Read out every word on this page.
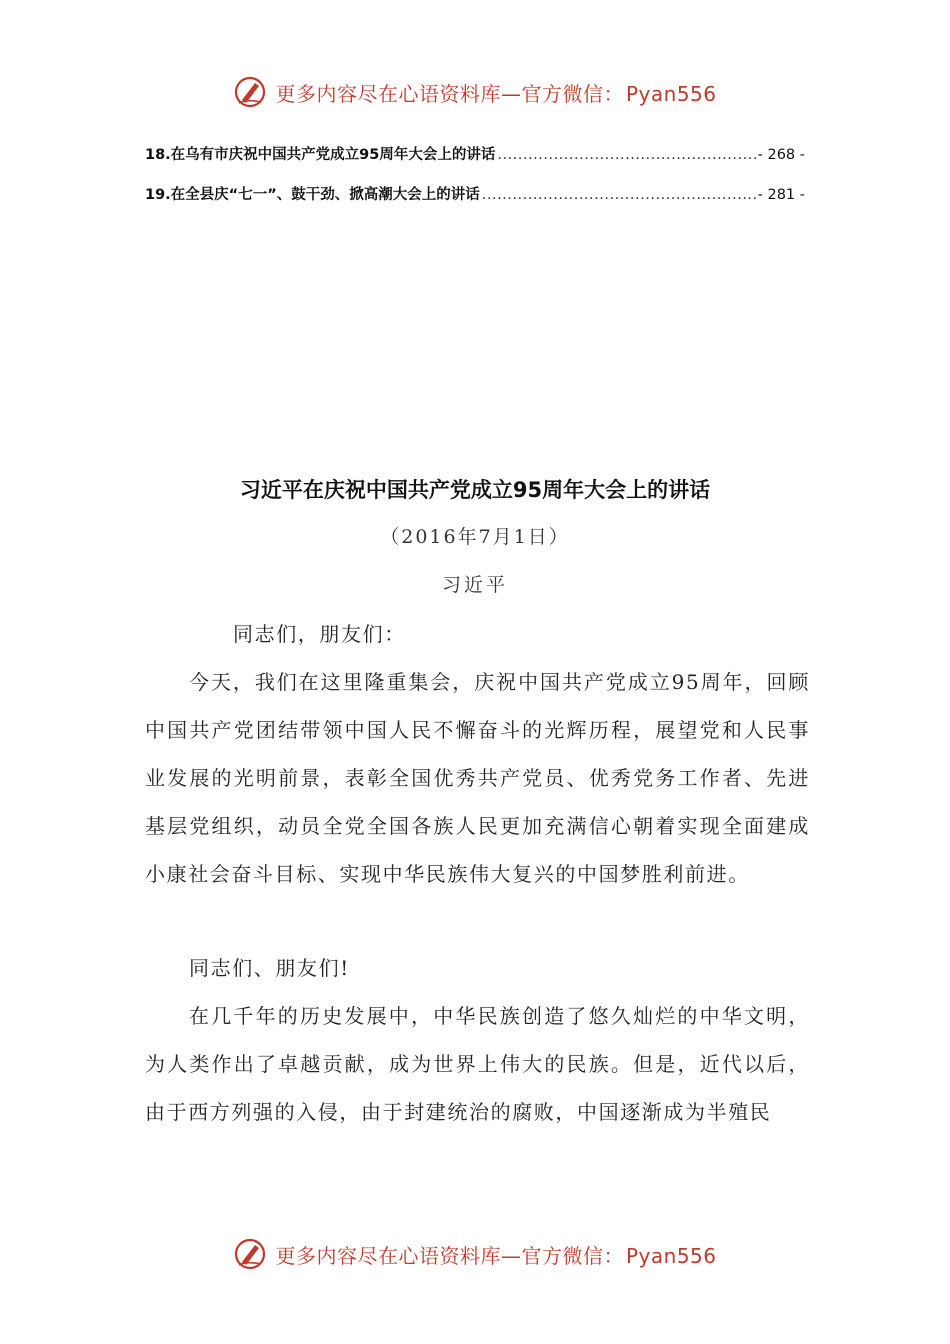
更多内容尽在心语资料库—官方微信： Pyan556
18.在乌有市庆祝中国共产党成立95周年大会上的讲话 .....	- 268 -
19.在全县庆“七一”、鼓干劲、掀高潮大会上的讲话 .....	- 281 -
习近平在庆祝中国共产党成立95周年大会上的讲话
（2016年7月1日）
习近平

同志们，朋友们：

今天，我们在这里隆重集会，庆祝中国共产党成立95周年，回顾中国共产党团结带领中国人民不懈奋斗的光辉历程，展望党和人民事业发展的光明前景，表彰全国优秀共产党员、优秀党务工作者、先进基层党组织，动员全党全国各族人民更加充满信心朝着实现全面建成小康社会奋斗目标、实现中华民族伟大复兴的中国梦胜利前进。

同志们、朋友们!

在几千年的历史发展中，中华民族创造了悠久灿烂的中华文明，为人类作出了卓越贡献，成为世界上伟大的民族。但是，近代以后，由于西方列强的入侵，由于封建统治的腐败，中国逐渐成为半殖民

更多内容尽在心语资料库—官方微信： Pyan556
